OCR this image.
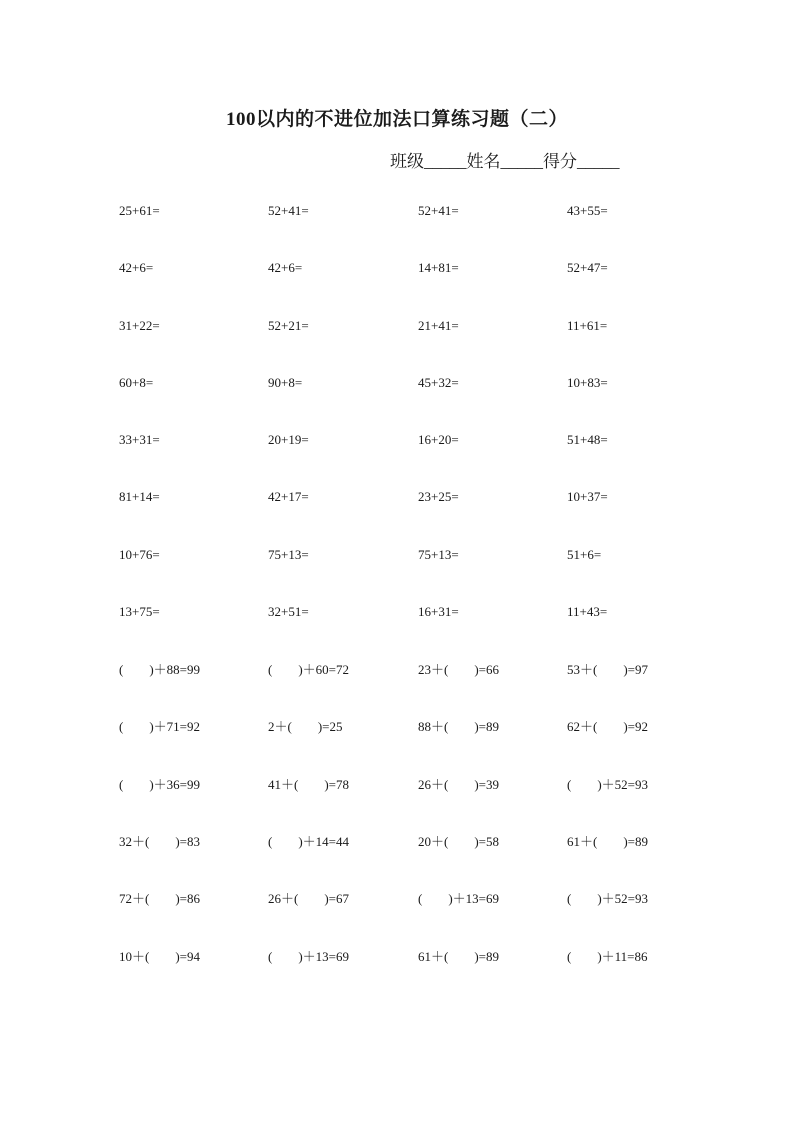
100以内的不进位加法口算练习题（二）
班级_____姓名_____得分_____
25+61=	52+41=	52+41=	43+55=
42+6=	42+6=	14+81=	52+47=
31+22=	52+21=	21+41=	11+61=
60+8=	90+8=	45+32=	10+83=
33+31=	20+19=	16+20=	51+48=
81+14=	42+17=	23+25=	10+37=
10+76=	75+13=	75+13=	51+6=
13+75=	32+51=	16+31=	11+43=
(　　)＋88=99	(　　)＋60=72	23＋(　　)=66	53＋(　　)=97
(　　)＋71=92	2＋(　　)=25	88＋(　　)=89	62＋(　　)=92
(　　)＋36=99	41＋(　　)=78	26＋(　　)=39	(　　)＋52=93
32＋(　　)=83	(　　)＋14=44	20＋(　　)=58	61＋(　　)=89
72＋(　　)=86	26＋(　　)=67	(　　)＋13=69	(　　)＋52=93
10＋(　　)=94	(　　)＋13=69	61＋(　　)=89	(　　)＋11=86
